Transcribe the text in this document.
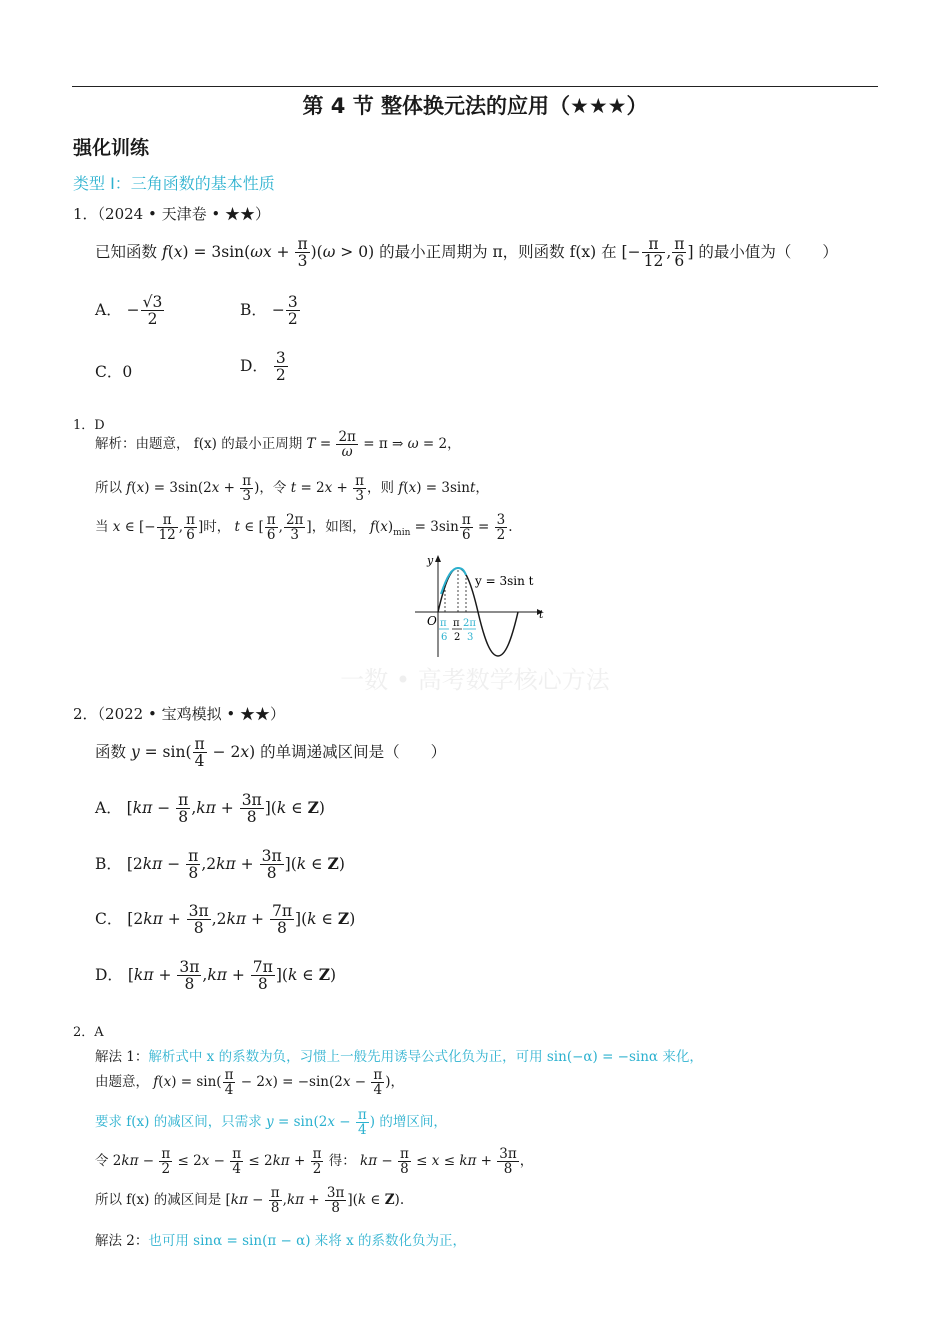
第 4 节 整体换元法的应用（★★★）
强化训练
类型 I：三角函数的基本性质
1．（2024 • 天津卷 • ★★）
已知函数 $f(x) = 3\sin(\omega x + \frac{\pi}{3} )(\omega > 0)$ 的最小正周期为 π，则函数 f(x) 在 [− $\frac{\pi}{12}$ , $\frac{\pi}{6}$ ] 的最小值为（　　）
A． − $\frac{√3}{2}$	B． − $\frac{3}{2}$
C．0	D． $\frac{3}{2}$
1．D
解析：由题意， f(x) 的最小正周期 $T = \frac{2\pi}{\omega} = \pi$ ⇒ ω = 2，
所以 $f(x) = 3\sin(2x + \frac{\pi}{3}$ )，令 $t = 2x + \frac{\pi}{3}$ ，则 f(x) = 3sint，
当 x ∈ [− $\frac{\pi}{12}$ , $\frac{\pi}{6}$ ]时， t ∈ [ $\frac{\pi}{6}$ , $\frac{2\pi}{3}$ ]，如图， $f(x)_{min} = 3\sin \frac{\pi}{6} = \frac{3}{2}$ .
O	t
y
y = 3sin t
π
6
π
2
2π
3
一数 • 高考数学核心方法
2．（2022 • 宝鸡模拟 • ★★）
函数 $y = \sin( \frac{\pi}{4} - 2x)$ 的单调递减区间是（　　）
A． $[k\pi - \frac{\pi}{8} ,k\pi + \frac{3\pi}{8} ](k$ ∈ Z)
B． $[2k\pi - \frac{\pi}{8} ,2k\pi + \frac{3\pi}{8} ](k$ ∈ Z)
C． $[2k\pi + \frac{3\pi}{8} ,2k\pi + \frac{7\pi}{8} ](k$ ∈ Z)
D． $[k\pi + \frac{3\pi}{8} ,k\pi + \frac{7\pi}{8} ](k$ ∈ Z)
2．A
解法 1：解析式中 x 的系数为负，习惯上一般先用诱导公式化负为正，可用 sin(−α) = −sinα 来化，
由题意， $f(x) = \sin( \frac{\pi}{4} - 2x) = -\sin(2x - \frac{\pi}{4}$ )，
要求 f(x) 的减区间，只需求 $y = \sin(2x - \frac{\pi}{4}$ ) 的增区间，
令 $2k\pi - \frac{\pi}{2} \le 2x - \frac{\pi}{4} \le 2k\pi + \frac{\pi}{2}$ 得： $k\pi - \frac{\pi}{8} \le x \le k\pi + \frac{3\pi}{8}$ ，
所以 f(x) 的减区间是 $[k\pi - \frac{\pi}{8} ,k\pi + \frac{3\pi}{8} ](k$ ∈ Z).
解法 2：也可用 sinα = sin(π − α) 来将 x 的系数化负为正，
